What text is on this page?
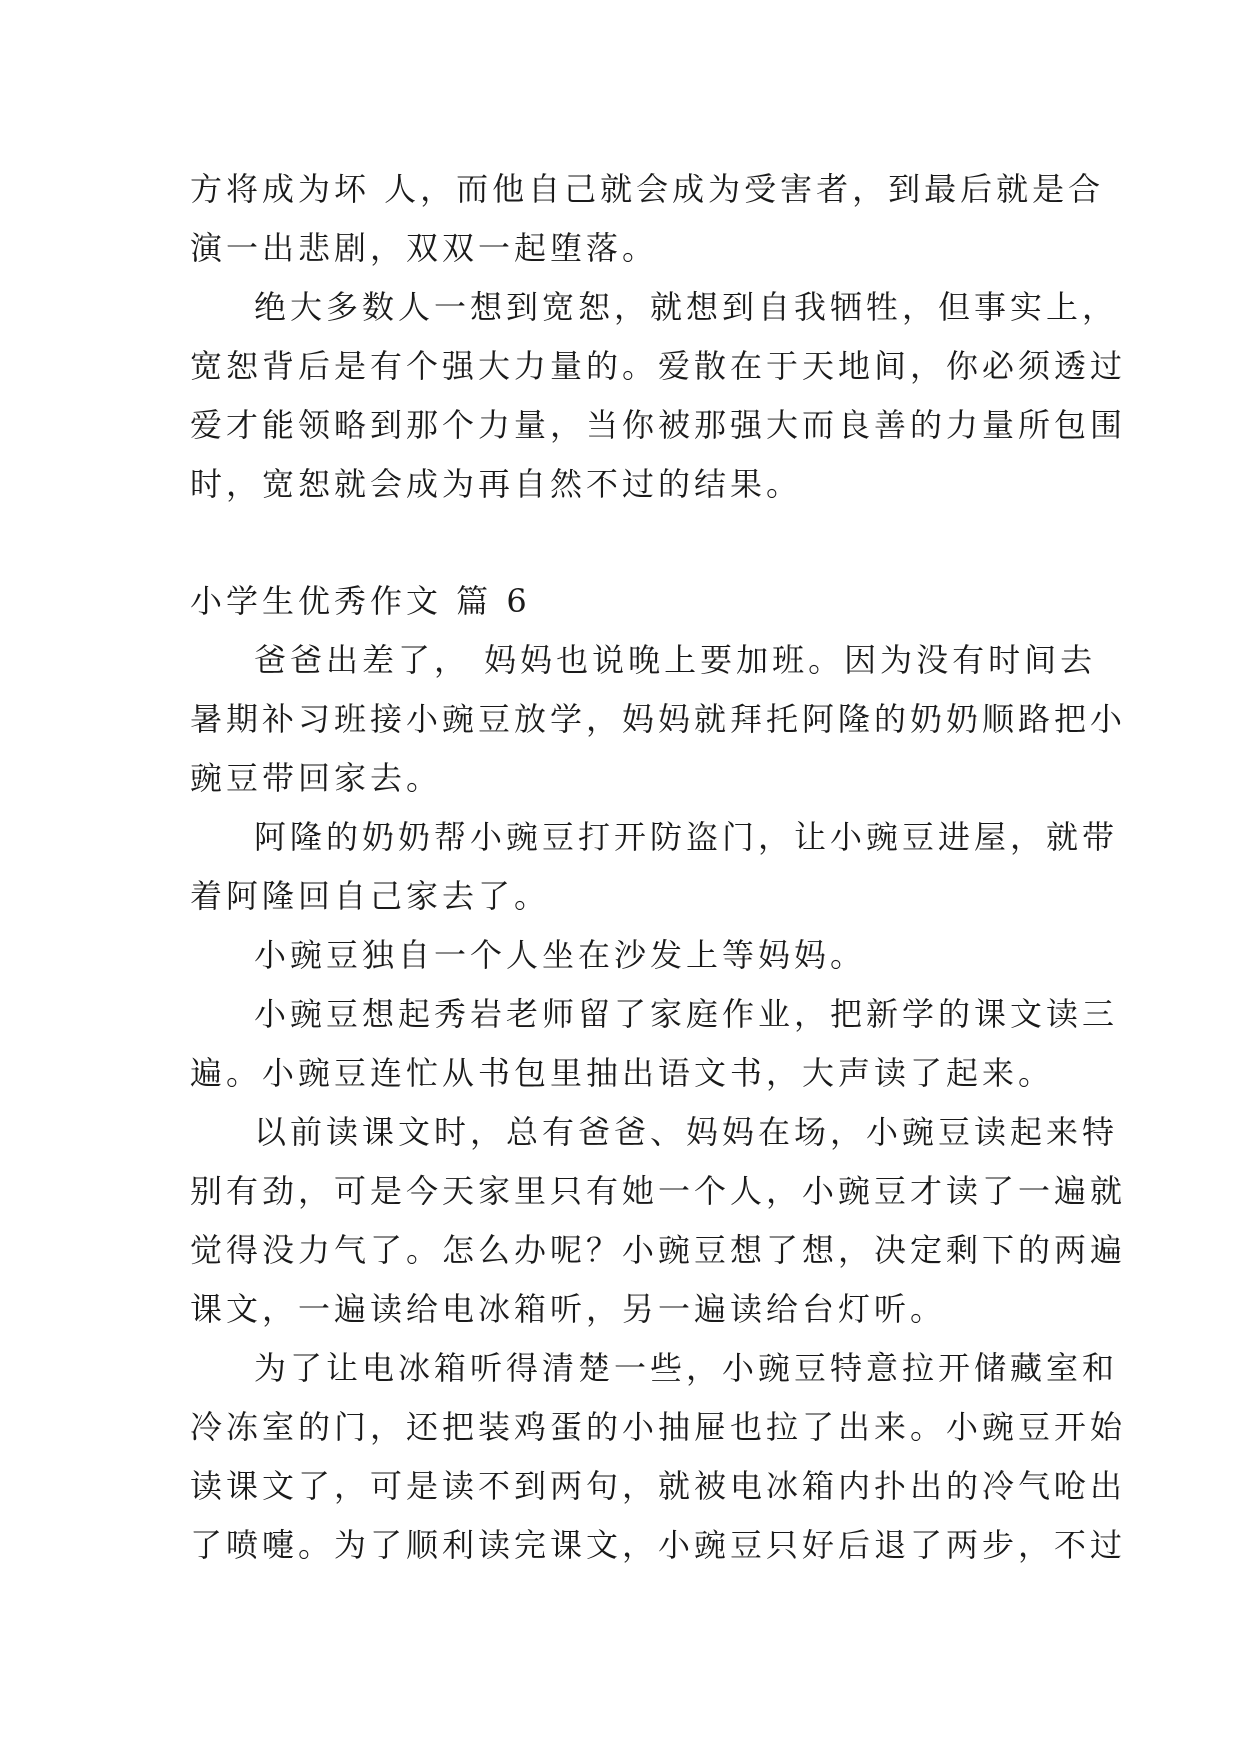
方将成为坏 人，而他自己就会成为受害者，到最后就是合
演一出悲剧，双双一起堕落。
绝大多数人一想到宽恕，就想到自我牺牲，但事实上，
宽恕背后是有个强大力量的。爱散在于天地间，你必须透过
爱才能领略到那个力量，当你被那强大而良善的力量所包围
时，宽恕就会成为再自然不过的结果。
小学生优秀作文 篇 6
爸爸出差了， 妈妈也说晚上要加班。因为没有时间去
暑期补习班接小豌豆放学，妈妈就拜托阿隆的奶奶顺路把小
豌豆带回家去。
阿隆的奶奶帮小豌豆打开防盗门，让小豌豆进屋，就带
着阿隆回自己家去了。
小豌豆独自一个人坐在沙发上等妈妈。
小豌豆想起秀岩老师留了家庭作业，把新学的课文读三
遍。小豌豆连忙从书包里抽出语文书，大声读了起来。
以前读课文时，总有爸爸、妈妈在场，小豌豆读起来特
别有劲，可是今天家里只有她一个人，小豌豆才读了一遍就
觉得没力气了。怎么办呢？小豌豆想了想，决定剩下的两遍
课文，一遍读给电冰箱听，另一遍读给台灯听。
为了让电冰箱听得清楚一些，小豌豆特意拉开储藏室和
冷冻室的门，还把装鸡蛋的小抽屉也拉了出来。小豌豆开始
读课文了，可是读不到两句，就被电冰箱内扑出的冷气呛出
了喷嚏。为了顺利读完课文，小豌豆只好后退了两步，不过
